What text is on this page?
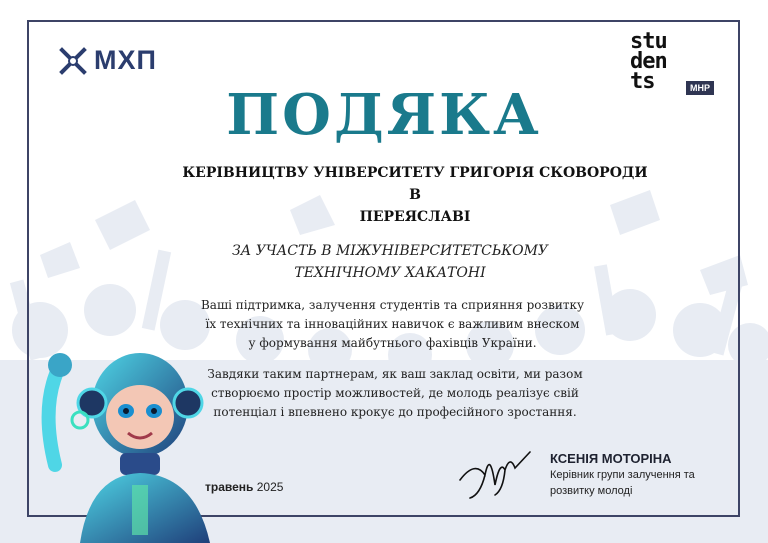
МХП
stu
den
ts	МНР
ПОДЯКА
КЕРІВНИЦТВУ УНІВЕРСИТЕТУ ГРИГОРІЯ СКОВОРОДИ В
ПЕРЕЯСЛАВІ
ЗА УЧАСТЬ В МІЖУНІВЕРСИТЕТСЬКОМУ
ТЕХНІЧНОМУ ХАКАТОНІ
Ваші підтримка, залучення студентів та сприяння розвитку
їх технічних та інноваційних навичок є важливим внеском
у формування майбутнього фахівців України.
Завдяки таким партнерам, як ваш заклад освіти, ми разом
створюємо простір можливостей, де молодь реалізує свій
потенціал і впевнено крокує до професійного зростання.
травень 2025
КСЕНІЯ МОТОРІНА
Керівник групи залучення та
розвитку молоді
